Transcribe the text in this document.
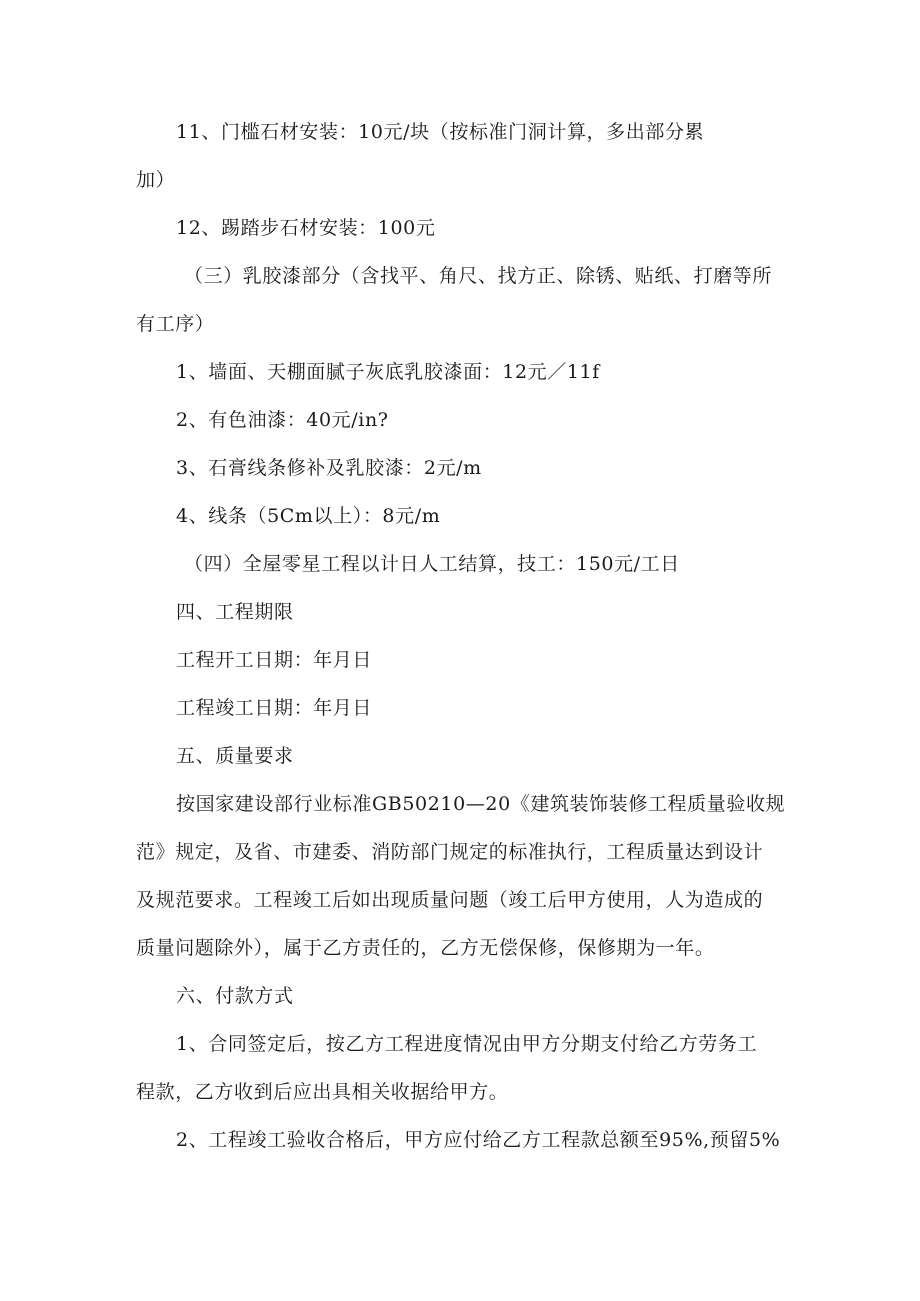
11、门槛石材安装：10元/块（按标准门洞计算，多出部分累
加）
12、踢踏步石材安装：100元
（三）乳胶漆部分（含找平、角尺、找方正、除锈、贴纸、打磨等所
有工序）
1、墙面、天棚面腻子灰底乳胶漆面：12元／11f
2、有色油漆：40元/in?
3、石膏线条修补及乳胶漆：2元/m
4、线条（5Cm以上）：8元/m
（四）全屋零星工程以计日人工结算，技工：150元/工日
四、工程期限
工程开工日期：年月日
工程竣工日期：年月日
五、质量要求
按国家建设部行业标准GB50210—20《建筑装饰装修工程质量验收规
范》规定，及省、市建委、消防部门规定的标准执行，工程质量达到设计
及规范要求。工程竣工后如出现质量问题（竣工后甲方使用，人为造成的
质量问题除外），属于乙方责任的，乙方无偿保修，保修期为一年。
六、付款方式
1、合同签定后，按乙方工程进度情况由甲方分期支付给乙方劳务工
程款，乙方收到后应出具相关收据给甲方。
2、工程竣工验收合格后，甲方应付给乙方工程款总额至95%,预留5%
